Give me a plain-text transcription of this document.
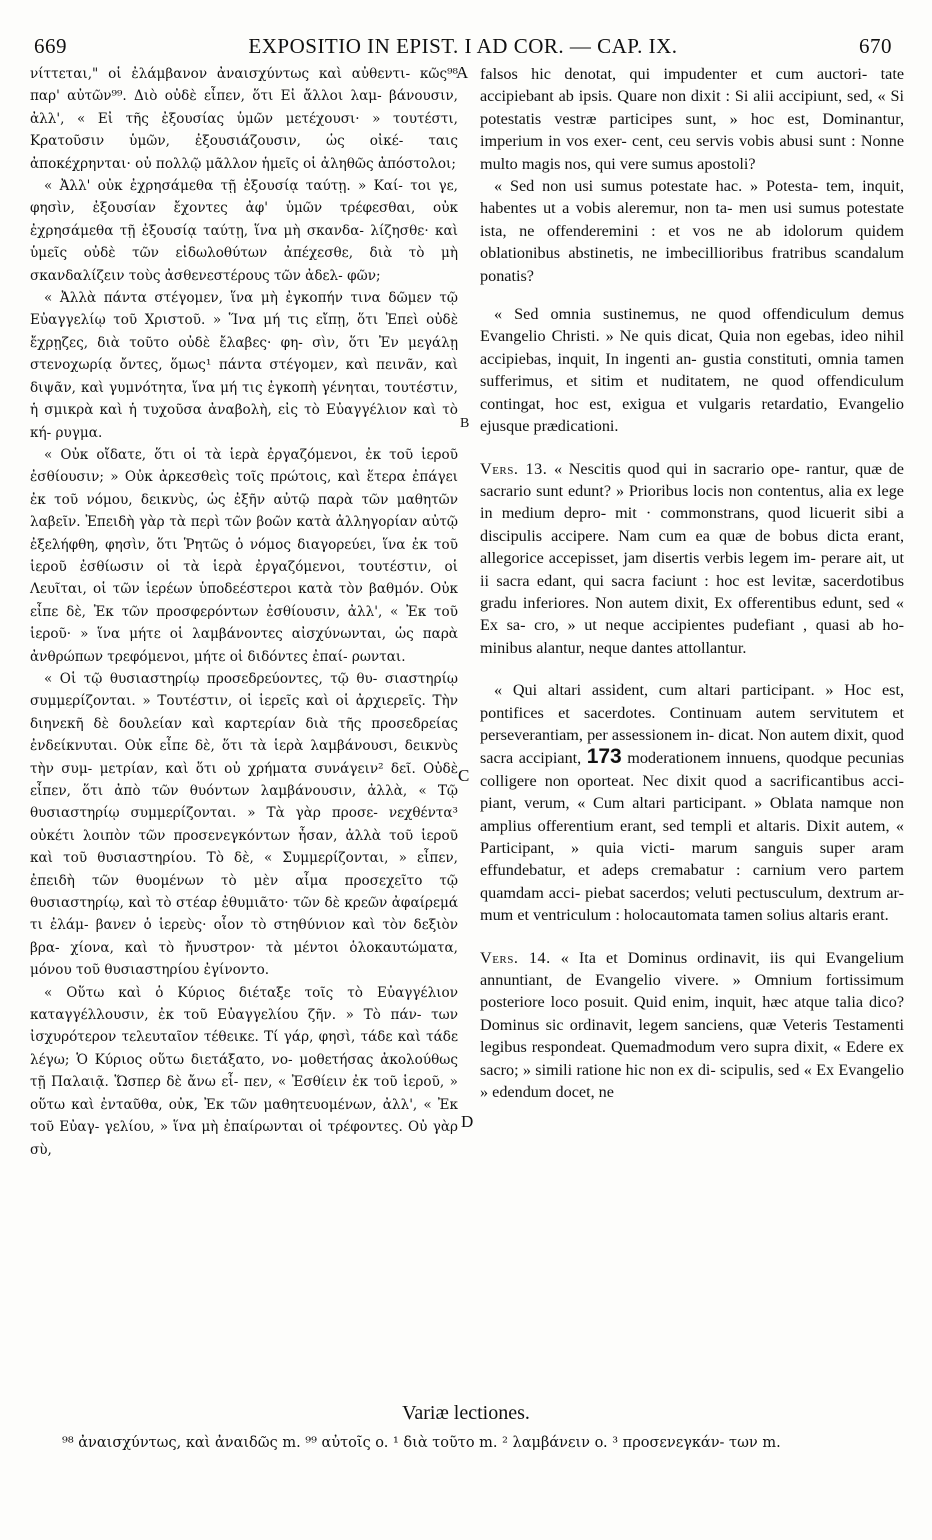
669	EXPOSITIO IN EPIST. I AD COR. — CAP. IX.	670

νίττεται," οἱ ἐλάμβανον ἀναισχύντως καὶ αὐθεντι- κῶς⁹⁸ παρ' αὐτῶν⁹⁹. Διὸ οὐδὲ εἶπεν, ὅτι Εἰ ἄλλοι λαμ- βάνουσιν, ἀλλ', « Εἰ τῆς ἐξουσίας ὑμῶν μετέχουσι· » τουτέστι, Κρατοῦσιν ὑμῶν, ἐξουσιάζουσιν, ὡς οἰκέ- ταις ἀποκέχρηνται· οὐ πολλῷ μᾶλλον ἡμεῖς οἱ ἀληθῶς ἀπόστολοι;

« Ἀλλ' οὐκ ἐχρησάμεθα τῇ ἐξουσίᾳ ταύτῃ. » Καί- τοι γε, φησὶν, ἐξουσίαν ἔχοντες ἀφ' ὑμῶν τρέφεσθαι, οὐκ ἐχρησάμεθα τῇ ἐξουσίᾳ ταύτῃ, ἵνα μὴ σκανδα- λίζησθε· καὶ ὑμεῖς οὐδὲ τῶν εἰδωλοθύτων ἀπέχεσθε, διὰ τὸ μὴ σκανδαλίζειν τοὺς ἀσθενεστέρους τῶν ἀδελ- φῶν;

« Ἀλλὰ πάντα στέγομεν, ἵνα μὴ ἐγκοπήν τινα δῶμεν τῷ Εὐαγγελίῳ τοῦ Χριστοῦ. » Ἵνα μή τις εἴπῃ, ὅτι Ἐπεὶ οὐδὲ ἔχρῃζες, διὰ τοῦτο οὐδὲ ἔλαβες· φη- σὶν, ὅτι Ἐν μεγάλῃ στενοχωρίᾳ ὄντες, ὅμως¹ πάντα στέγομεν, καὶ πεινᾶν, καὶ διψᾶν, καὶ γυμνότητα, ἵνα μή τις ἐγκοπὴ γένηται, τουτέστιν, ἡ σμικρὰ καὶ ἡ τυχοῦσα ἀναβολὴ, εἰς τὸ Εὐαγγέλιον καὶ τὸ κή- ρυγμα.

« Οὐκ οἴδατε, ὅτι οἱ τὰ ἱερὰ ἐργαζόμενοι, ἐκ τοῦ ἱεροῦ ἐσθίουσιν; » Οὐκ ἀρκεσθεὶς τοῖς πρώτοις, καὶ ἕτερα ἐπάγει ἐκ τοῦ νόμου, δεικνὺς, ὡς ἐξῆν αὐτῷ παρὰ τῶν μαθητῶν λαβεῖν. Ἐπειδὴ γὰρ τὰ περὶ τῶν βοῶν κατὰ ἀλληγορίαν αὐτῷ ἐξελήφθη, φησὶν, ὅτι Ῥητῶς ὁ νόμος διαγορεύει, ἵνα ἐκ τοῦ ἱεροῦ ἐσθίωσιν οἱ τὰ ἱερὰ ἐργαζόμενοι, τουτέστιν, οἱ Λευῖται, οἱ τῶν ἱερέων ὑποδεέστεροι κατὰ τὸν βαθμόν. Οὐκ εἶπε δὲ, Ἐκ τῶν προσφερόντων ἐσθίουσιν, ἀλλ', « Ἐκ τοῦ ἱεροῦ· » ἵνα μήτε οἱ λαμβάνοντες αἰσχύνωνται, ὡς παρὰ ἀνθρώπων τρεφόμενοι, μήτε οἱ διδόντες ἐπαί- ρωνται.

« Οἱ τῷ θυσιαστηρίῳ προσεδρεύοντες, τῷ θυ- σιαστηρίῳ συμμερίζονται. » Τουτέστιν, οἱ ἱερεῖς καὶ οἱ ἀρχιερεῖς. Τὴν διηνεκῆ δὲ δουλείαν καὶ καρτερίαν διὰ τῆς προσεδρείας ἐνδείκνυται. Οὐκ εἶπε δὲ, ὅτι τὰ ἱερὰ λαμβάνουσι, δεικνὺς τὴν συμ- μετρίαν, καὶ ὅτι οὐ χρήματα συνάγειν² δεῖ. Οὐδὲ εἶπεν, ὅτι ἀπὸ τῶν θυόντων λαμβάνουσιν, ἀλλὰ, « Τῷ θυσιαστηρίῳ συμμερίζονται. » Τὰ γὰρ προσε- νεχθέντα³ οὐκέτι λοιπὸν τῶν προσενεγκόντων ἦσαν, ἀλλὰ τοῦ ἱεροῦ καὶ τοῦ θυσιαστηρίου. Τὸ δὲ, « Συμμερίζονται, » εἶπεν, ἐπειδὴ τῶν θυομένων τὸ μὲν αἷμα προσεχεῖτο τῷ θυσιαστηρίῳ, καὶ τὸ στέαρ ἐθυμιᾶτο· τῶν δὲ κρεῶν ἀφαίρεμά τι ἐλάμ- βανεν ὁ ἱερεὺς· οἷον τὸ στηθύνιον καὶ τὸν δεξιὸν βρα- χίονα, καὶ τὸ ἤνυστρον· τὰ μέντοι ὁλοκαυτώματα, μόνου τοῦ θυσιαστηρίου ἐγίνοντο.

« Οὕτω καὶ ὁ Κύριος διέταξε τοῖς τὸ Εὐαγγέλιον καταγγέλλουσιν, ἐκ τοῦ Εὐαγγελίου ζῆν. » Τὸ πάν- των ἰσχυρότερον τελευταῖον τέθεικε. Τί γάρ, φησὶ, τάδε καὶ τάδε λέγω; Ὁ Κύριος οὕτω διετάξατο, νο- μοθετήσας ἀκολούθως τῇ Παλαιᾷ. Ὥσπερ δὲ ἄνω εἶ- πεν, « Ἐσθίειν ἐκ τοῦ ἱεροῦ, » οὕτω καὶ ἐνταῦθα, οὐκ, Ἐκ τῶν μαθητευομένων, ἀλλ', « Ἐκ τοῦ Εὐαγ- γελίου, » ἵνα μὴ ἐπαίρωνται οἱ τρέφοντες. Οὐ γὰρ σὺ,

falsos hic denotat, qui impudenter et cum auctori- tate accipiebant ab ipsis. Quare non dixit : Si alii accipiunt, sed, « Si potestatis vestræ participes sunt, » hoc est, Dominantur, imperium in vos exer- cent, ceu servis vobis abusi sunt : Nonne multo magis nos, qui vere sumus apostoli?

« Sed non usi sumus potestate hac. » Potesta- tem, inquit, habentes ut a vobis aleremur, non ta- men usi sumus potestate ista, ne offenderemini : et vos ne ab idolorum quidem oblationibus abstinetis, ne imbecillioribus fratribus scandalum ponatis?

« Sed omnia sustinemus, ne quod offendiculum demus Evangelio Christi. » Ne quis dicat, Quia non egebas, ideo nihil accipiebas, inquit, In ingenti an- gustia constituti, omnia tamen sufferimus, et sitim et nuditatem, ne quod offendiculum contingat, hoc est, exigua et vulgaris retardatio, Evangelio ejusque prædicationi.

Vers. 13. « Nescitis quod qui in sacrario ope- rantur, quæ de sacrario sunt edunt? » Prioribus locis non contentus, alia ex lege in medium depro- mit · commonstrans, quod licuerit sibi a discipulis accipere. Nam cum ea quæ de bobus dicta erant, allegorice accepisset, jam disertis verbis legem im- perare ait, ut ii sacra edant, qui sacra faciunt : hoc est levitæ, sacerdotibus gradu inferiores. Non autem dixit, Ex offerentibus edunt, sed « Ex sa- cro, » ut neque accipientes pudefiant , quasi ab ho- minibus alantur, neque dantes attollantur.

« Qui altari assident, cum altari participant. » Hoc est, pontifices et sacerdotes. Continuam autem servitutem et perseverantiam, per assessionem in- dicat. Non autem dixit, quod sacra accipiant, 173 moderationem innuens, quodque pecunias colligere non oporteat. Nec dixit quod a sacrificantibus acci- piant, verum, « Cum altari participant. » Oblata namque non amplius offerentium erant, sed templi et altaris. Dixit autem, « Participant, » quia victi- marum sanguis super aram effundebatur, et adeps cremabatur : carnium vero partem quamdam acci- piebat sacerdos; veluti pectusculum, dextrum ar- mum et ventriculum : holocautomata tamen solius altaris erant.

Vers. 14. « Ita et Dominus ordinavit, iis qui Evangelium annuntiant, de Evangelio vivere. » Omnium fortissimum posteriore loco posuit. Quid enim, inquit, hæc atque talia dico? Dominus sic ordinavit, legem sanciens, quæ Veteris Testamenti legibus respondeat. Quemadmodum vero supra dixit, « Edere ex sacro; » simili ratione hic non ex di- scipulis, sed « Ex Evangelio » edendum docet, ne

A
B
C
D
Variæ lectiones.
⁹⁸ ἀναισχύντως, καὶ ἀναιδῶς m. ⁹⁹ αὐτοῖς o. ¹ διὰ τοῦτο m. ² λαμβάνειν o. ³ προσενεγκάν- των m.
